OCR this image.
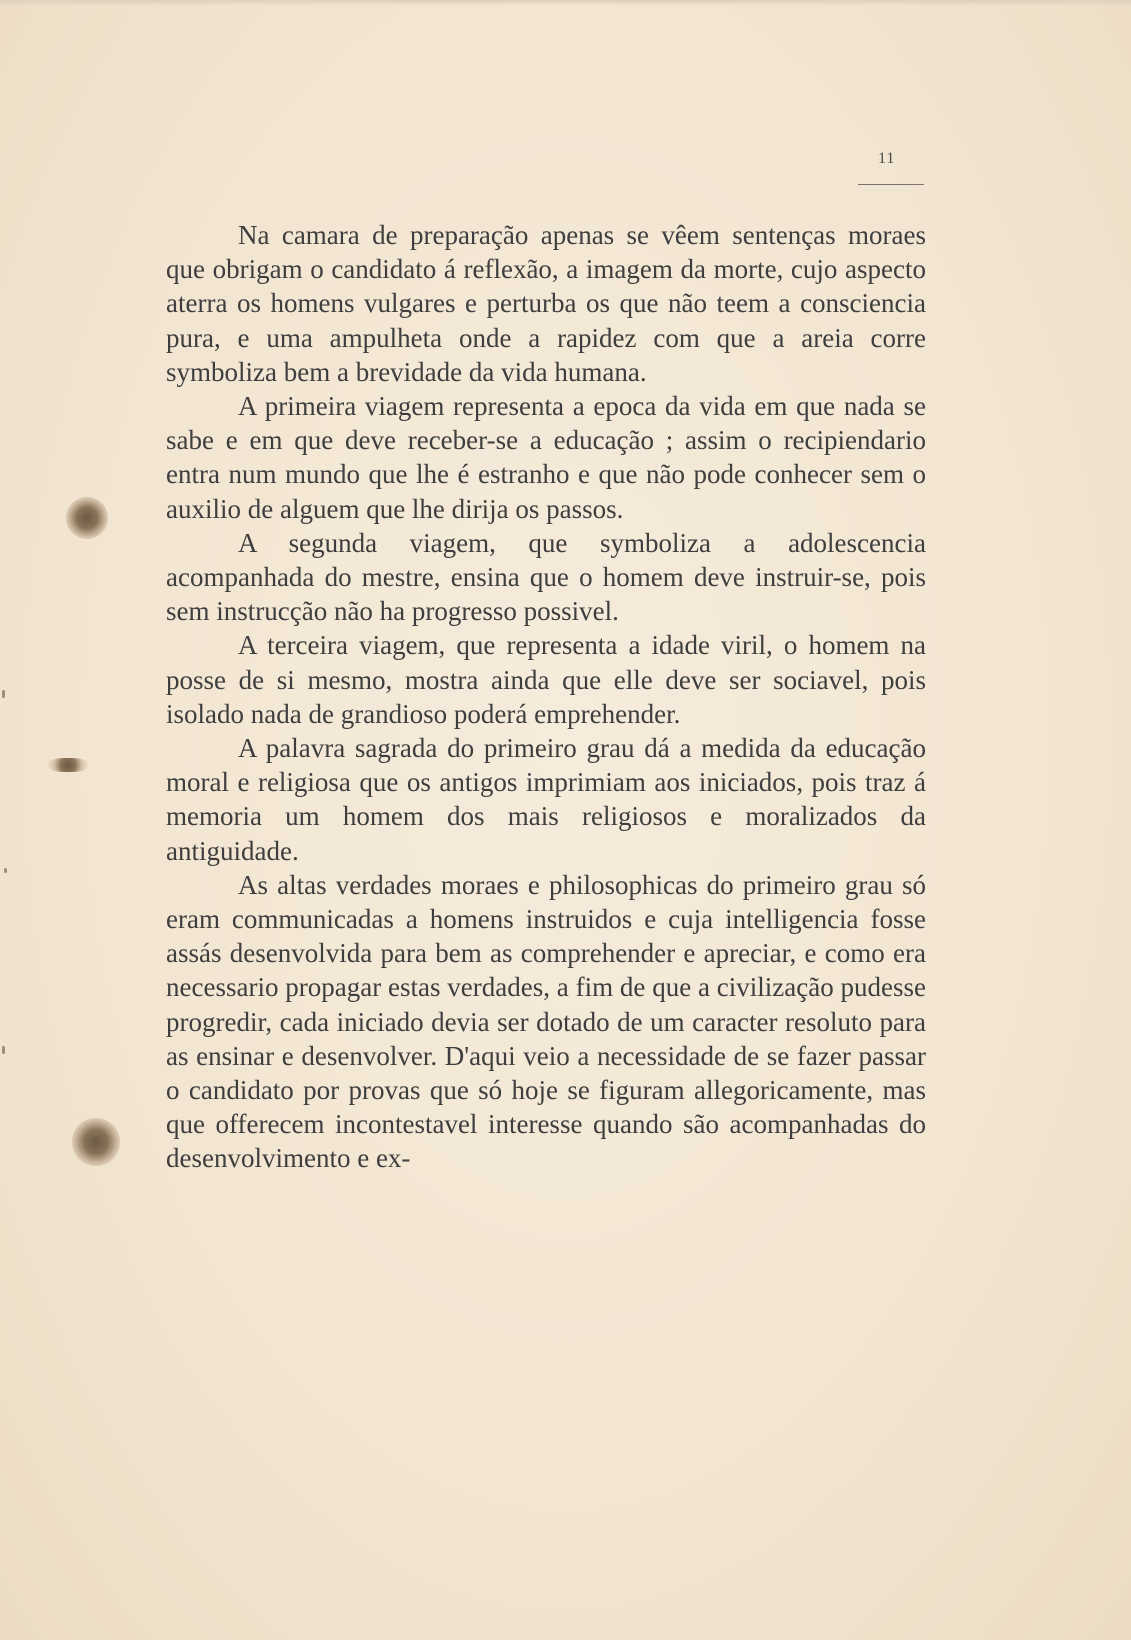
11

Na camara de preparação apenas se vêem sentenças moraes que obrigam o candidato á reflexão, a imagem da morte, cujo aspecto aterra os homens vulgares e perturba os que não teem a consciencia pura, e uma ampulheta onde a rapidez com que a areia corre symboliza bem a brevidade da vida humana.

A primeira viagem representa a epoca da vida em que nada se sabe e em que deve receber-se a educação ; assim o recipiendario entra num mundo que lhe é estranho e que não pode conhecer sem o auxilio de alguem que lhe dirija os passos.

A segunda viagem, que symboliza a adolescencia acompanhada do mestre, ensina que o homem deve instruir-se, pois sem instrucção não ha progresso possivel.

A terceira viagem, que representa a idade viril, o homem na posse de si mesmo, mostra ainda que elle deve ser sociavel, pois isolado nada de grandioso poderá emprehender.

A palavra sagrada do primeiro grau dá a medida da educação moral e religiosa que os antigos imprimiam aos iniciados, pois traz á memoria um homem dos mais religiosos e moralizados da antiguidade.

As altas verdades moraes e philosophicas do primeiro grau só eram communicadas a homens instruidos e cuja intelligencia fosse assás desenvolvida para bem as comprehender e apreciar, e como era necessario propagar estas verdades, a fim de que a civilização pudesse progredir, cada iniciado devia ser dotado de um caracter resoluto para as ensinar e desenvolver. D'aqui veio a necessidade de se fazer passar o candidato por provas que só hoje se figuram allegoricamente, mas que offerecem incontestavel interesse quando são acompanhadas do desenvolvimento e ex-
